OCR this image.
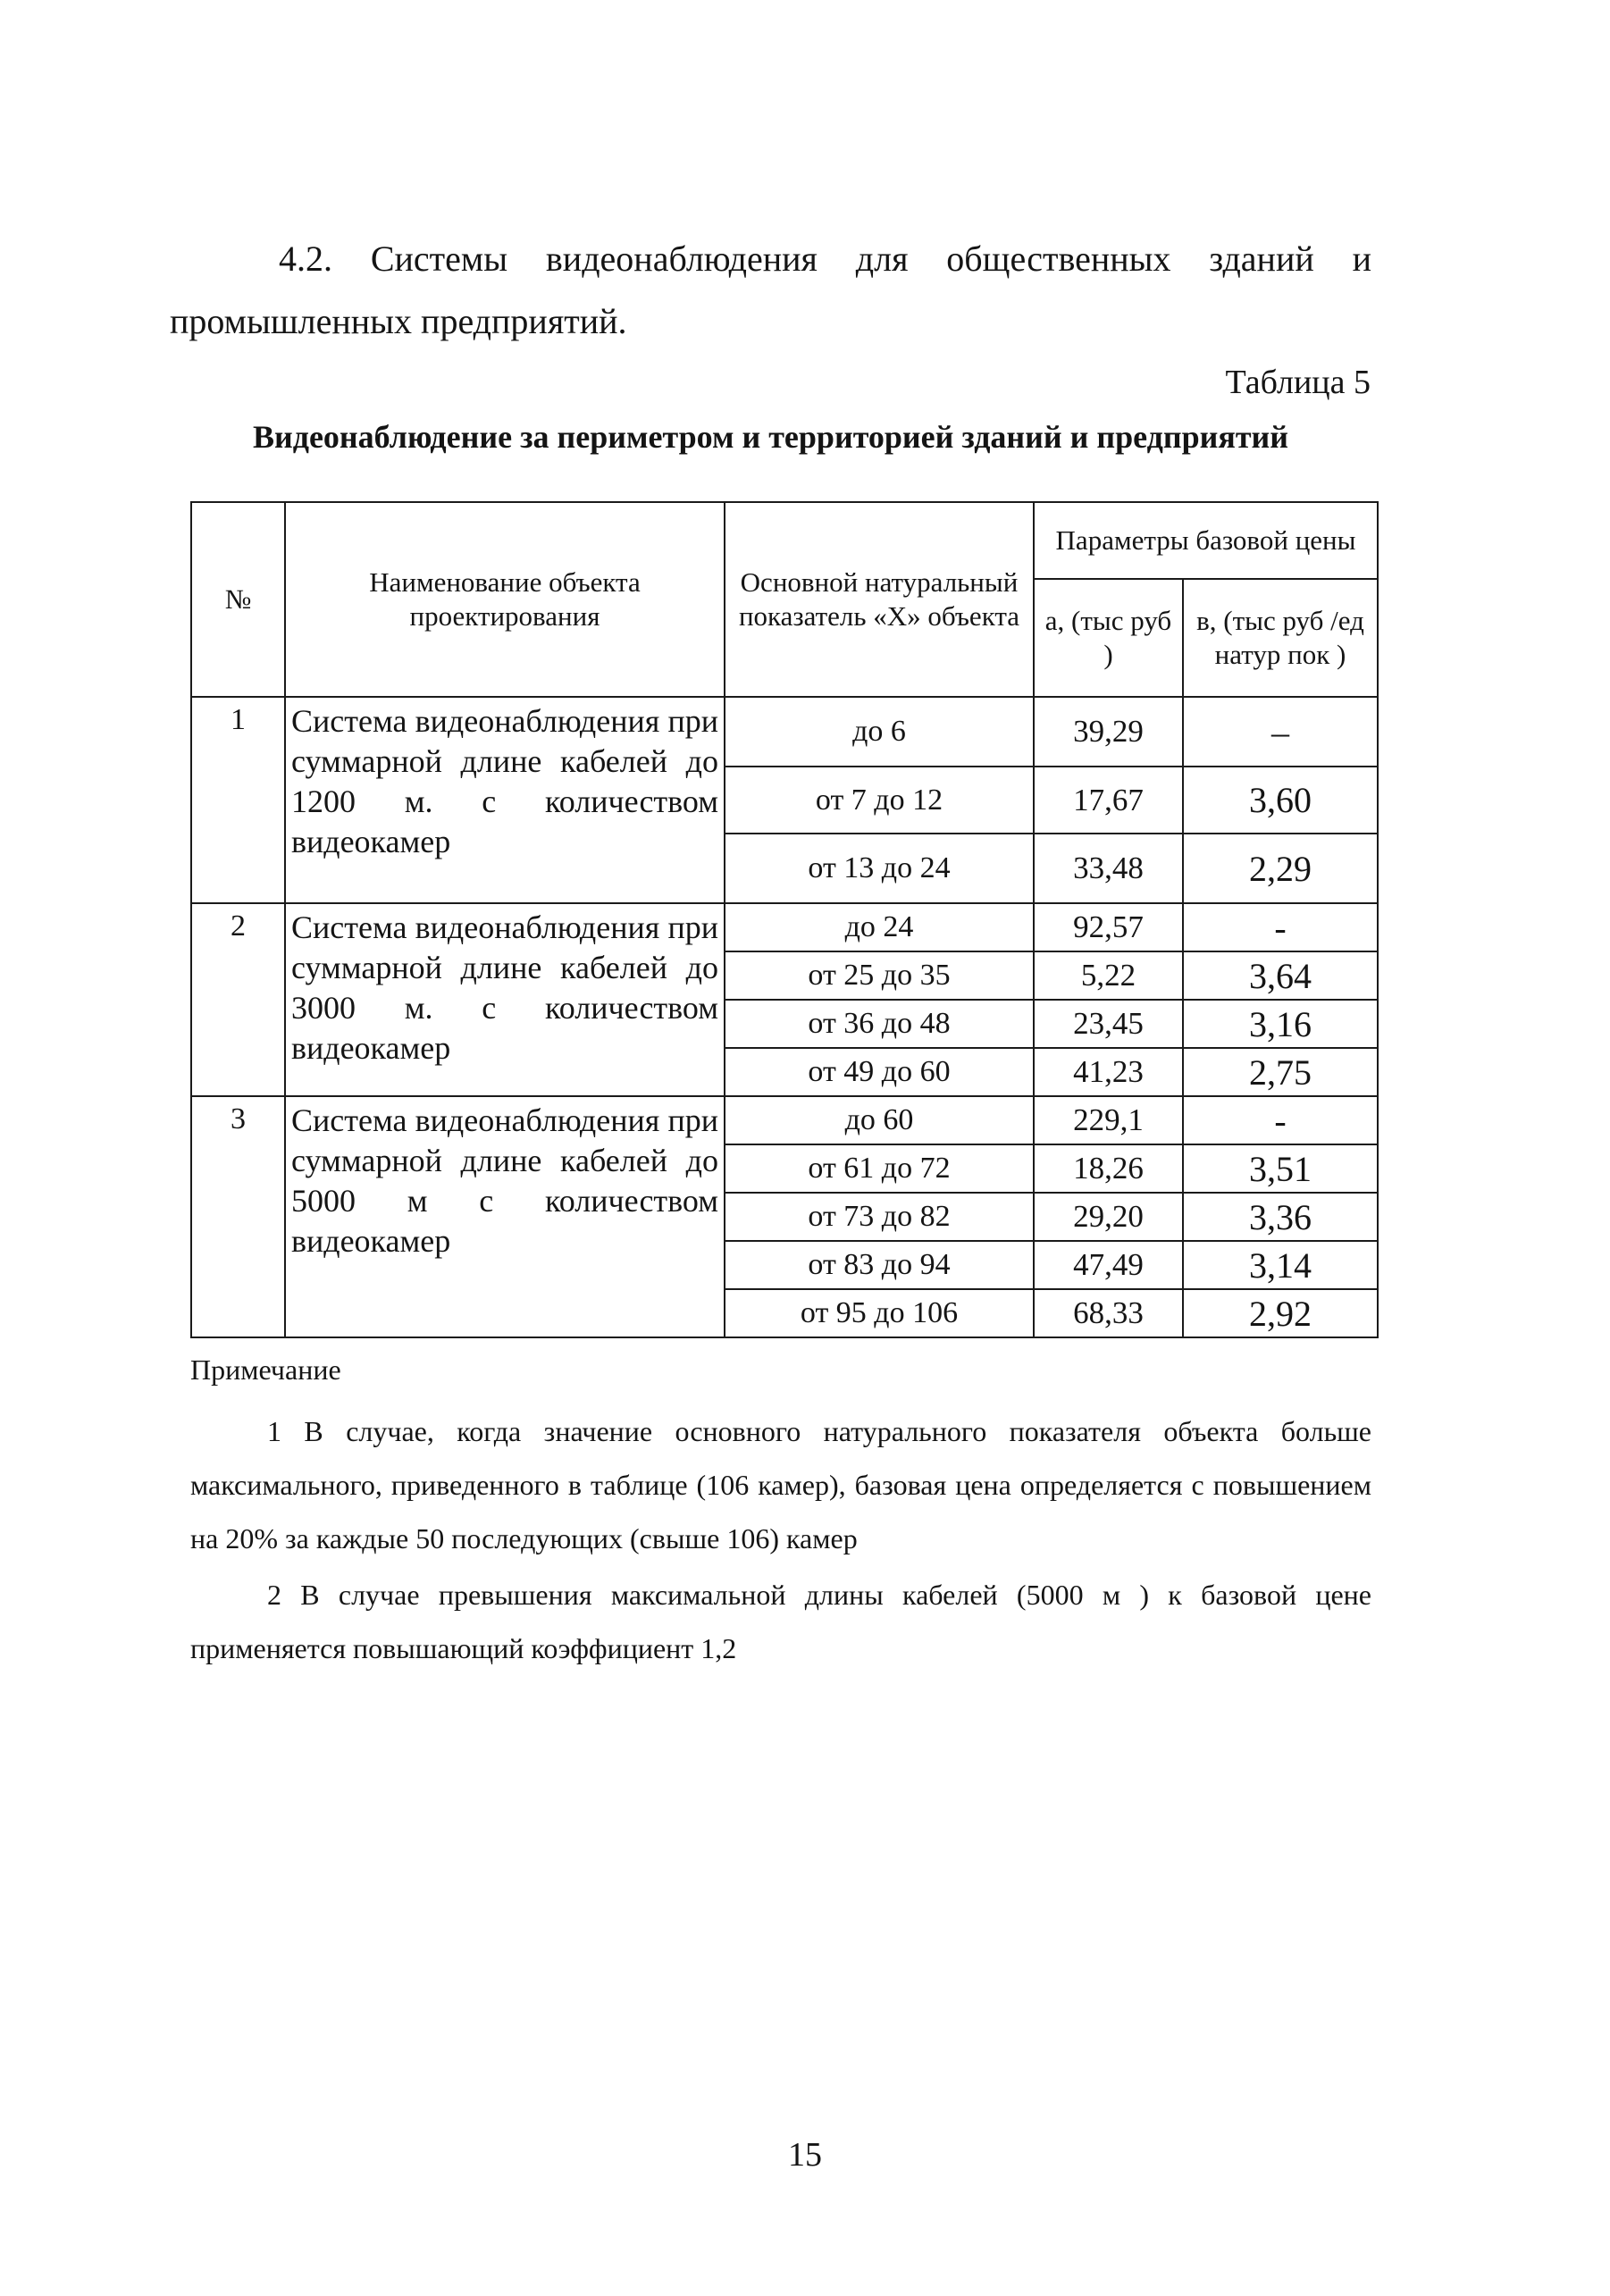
4.2. Системы видеонаблюдения для общественных зданий и промышленных предприятий.
Таблица 5
Видеонаблюдение за периметром и территорией зданий и предприятий
№	Наименование объекта проектирования	Основной натуральный показатель «X» объекта	Параметры базовой цены	
			а, (тыс руб )	в, (тыс руб /ед натур пок )
1	Система видеонаблюдения при суммарной длине кабелей до 1200 м. с количеством видеокамер	до 6	39,29	–
		от 7 до 12	17,67	3,60
		от 13 до 24	33,48	2,29
2	Система видеонаблюдения при суммарной длине кабелей до 3000 м. с количеством видеокамер	до 24	92,57	-
		от 25 до 35	5,22	3,64
		от 36 до 48	23,45	3,16
		от 49 до 60	41,23	2,75
3	Система видеонаблюдения при суммарной длине кабелей до 5000 м с количеством видеокамер	до 60	229,1	-
		от 61 до 72	18,26	3,51
		от 73 до 82	29,20	3,36
		от 83 до 94	47,49	3,14
		от 95 до 106	68,33	2,92
Примечание
1 В случае, когда значение основного натурального показателя объекта больше максимального, приведенного в таблице (106 камер), базовая цена определяется с повышением на 20% за каждые 50 последующих (свыше 106) камер
2 В случае превышения максимальной длины кабелей (5000 м ) к базовой цене применяется повышающий коэффициент 1,2
15
